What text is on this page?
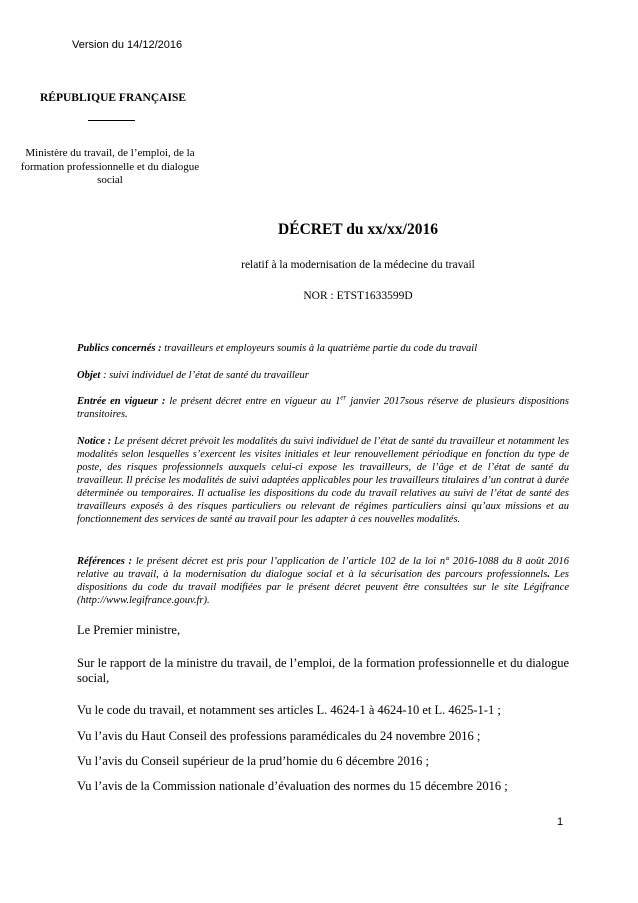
Version du 14/12/2016
RÉPUBLIQUE FRANÇAISE
Ministère du travail, de l’emploi, de la formation professionnelle et du dialogue social
DÉCRET du xx/xx/2016
relatif à la modernisation de la médecine du travail
NOR : ETST1633599D
Publics concernés : travailleurs et employeurs soumis à la quatrième partie du code du travail
Objet : suivi individuel de l’état de santé du travailleur
Entrée en vigueur : le présent décret entre en vigueur au 1er janvier 2017sous réserve de plusieurs dispositions transitoires.
Notice : Le présent décret prévoit les modalités du suivi individuel de l’état de santé du travailleur et notamment les modalités selon lesquelles s’exercent les visites initiales et leur renouvellement périodique en fonction du type de poste, des risques professionnels auxquels celui-ci expose les travailleurs, de l’âge et de l’état de santé du travailleur. Il précise les modalités de suivi adaptées applicables pour les travailleurs titulaires d’un contrat à durée déterminée ou temporaires. Il actualise les dispositions du code du travail relatives au suivi de l’état de santé des travailleurs exposés à des risques particuliers ou relevant de régimes particuliers ainsi qu’aux missions et au fonctionnement des services de santé au travail pour les adapter à ces nouvelles modalités.
Références : le présent décret est pris pour l’application de l’article 102 de la loi n° 2016-1088 du 8 août 2016 relative au travail, à la modernisation du dialogue social et à la sécurisation des parcours professionnels. Les dispositions du code du travail modifiées par le présent décret peuvent être consultées sur le site Légifrance (http://www.legifrance.gouv.fr).
Le Premier ministre,
Sur le rapport de la ministre du travail, de l’emploi, de la formation professionnelle et du dialogue social,
Vu le code du travail, et notamment ses articles L. 4624-1 à 4624-10 et L. 4625-1-1 ;
Vu l’avis du Haut Conseil des professions paramédicales du 24 novembre 2016 ;
Vu l’avis du Conseil supérieur de la prud’homie du 6 décembre 2016 ;
Vu l’avis de la Commission nationale d’évaluation des normes du 15 décembre 2016 ;
1
